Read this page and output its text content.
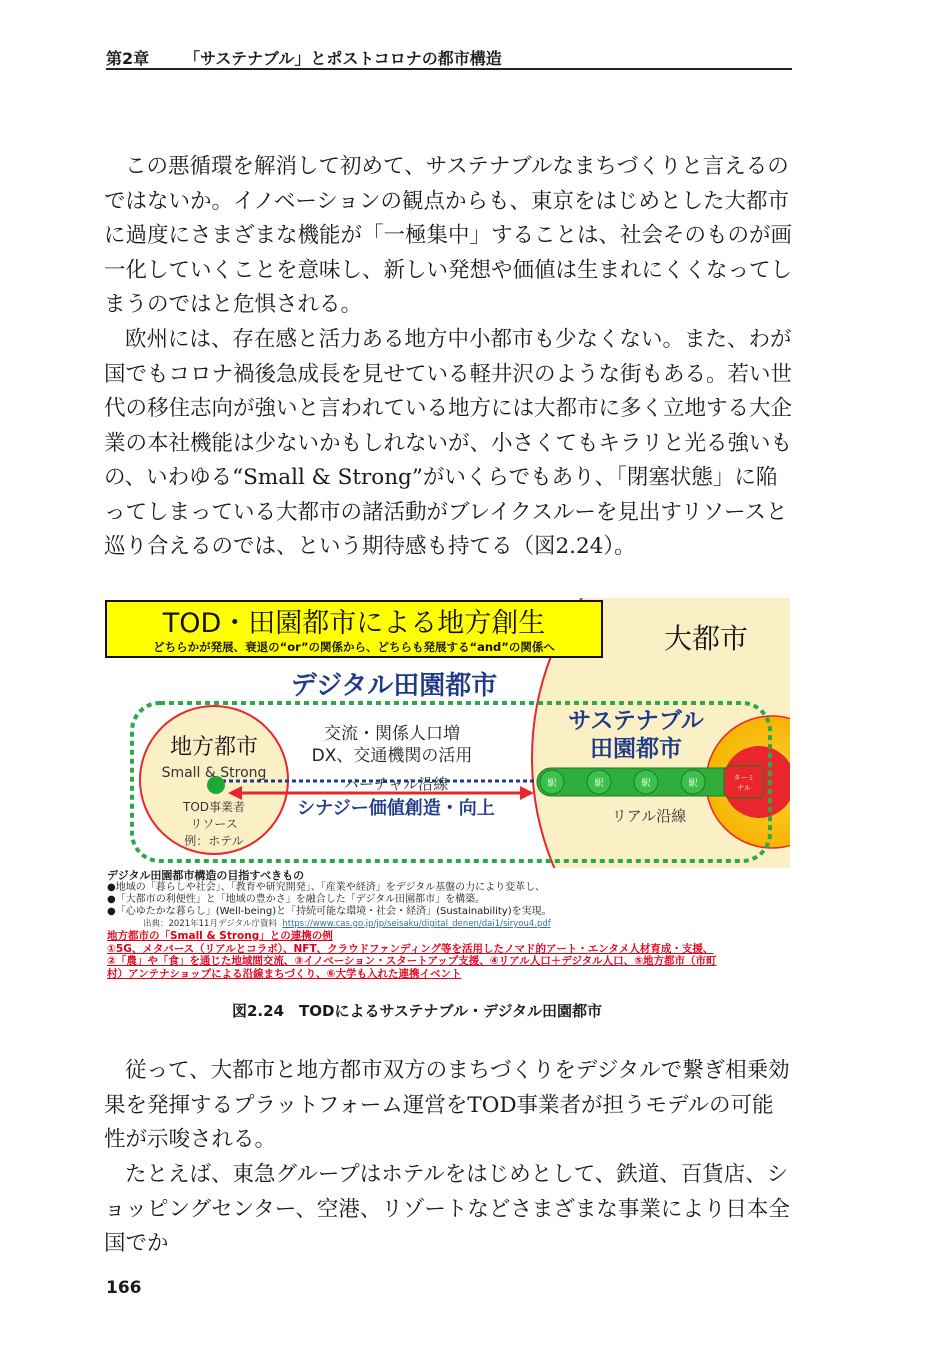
第2章 「サステナブル」とポストコロナの都市構造

この悪循環を解消して初めて、サステナブルなまちづくりと言えるのではないか。イノベーションの観点からも、東京をはじめとした大都市に過度にさまざまな機能が「一極集中」することは、社会そのものが画一化していくことを意味し、新しい発想や価値は生まれにくくなってしまうのではと危惧される。

欧州には、存在感と活力ある地方中小都市も少なくない。また、わが国でもコロナ禍後急成長を見せている軽井沢のような街もある。若い世代の移住志向が強いと言われている地方には大都市に多く立地する大企業の本社機能は少ないかもしれないが、小さくてもキラリと光る強いもの、いわゆる“Small & Strong”がいくらでもあり、「閉塞状態」に陥ってしまっている大都市の諸活動がブレイクスルーを見出すリソースと巡り合えるのでは、という期待感も持てる（図2.24）。

TOD・田園都市による地方創生
どちらかが発展、衰退の“or”の関係から、どちらも発展する“and”の関係へ	大都市
デジタル田園都市
地方都市
Small & Strong
TOD事業者
リソース
例：ホテル
交流・関係人口増
DX、交通機関の活用
バーチャル沿線
シナジー価値創造・向上
サステナブル
田園都市
リアル沿線
駅	駅	駅	駅
ターミ
ナル
デジタル田園都市構造の目指すべきもの
●地域の「暮らしや社会」、「教育や研究開発」、「産業や経済」をデジタル基盤の力により変革し、
●「大都市の利便性」と「地域の豊かさ」を融合した「デジタル田園都市」を構築。
●「心ゆたかな暮らし」(Well-being)と「持続可能な環境・社会・経済」(Sustainability)を実現。
出典：2021年11月デジタル庁資料 https://www.cas.go.jp/jp/seisaku/digital_denen/dai1/siryou4.pdf
地方都市の「Small & Strong」との連携の例
①5G、メタバース（リアルとコラボ）、NFT、クラウドファンディング等を活用したノマド的アート・エンタメ人材育成・支援、
②「農」や「食」を通じた地域間交流、③イノベーション・スタートアップ支援、④リアル人口＋デジタル人口、⑤地方都市（市町
村）アンテナショップによる沿線まちづくり、⑥大学も入れた連携イベント
図2.24　TODによるサステナブル・デジタル田園都市

従って、大都市と地方都市双方のまちづくりをデジタルで繋ぎ相乗効果を発揮するプラットフォーム運営をTOD事業者が担うモデルの可能性が示唆される。

たとえば、東急グループはホテルをはじめとして、鉄道、百貨店、ショッピングセンター、空港、リゾートなどさまざまな事業により日本全国でか

166
